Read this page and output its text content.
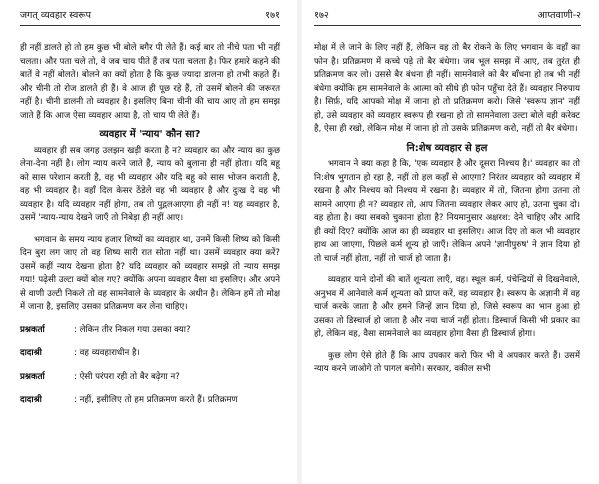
जगत् व्यवहार स्वरूप	१७१

ही नहीं डालते हो तो हम कुछ भी बोले बगैर पी लेते हैं। कई बार तो नीचे पता भी नहीं चलता। और पता चले तो, वे जब चाय पीते हैं तब पता चलता है। फिर हमारे कहने की बातें वे नहीं बोलते। बोलने का क्यों होता है कि कुछ ज्यादा डालना हो तभी कहते हैं। और चीनी तो रोज डालते ही हैं। वे आज ही पूछ रहे हैं, तो उसमें बोलने की जरूरत नहीं है। चीनी डालनी तो व्यवहार है। इसलिए बिना चीनी की चाय आए तो हम समझ जाते हैं कि आज ऐसा व्यवहार आया है, तो चाय पी लेते हैं।

व्यवहार में 'न्याय' कौन सा?

व्यवहार ही सब जगह उलझन खड़ी करता है न? व्यवहार का और न्याय का कुछ लेना-देना नहीं है। लोग न्याय करने जाते हैं, न्याय को बुलाना ही नहीं होता। यदि बहू को सास परेशान करती है, वह भी व्यवहार और यदि बहू को सास भोजन कराती है, वह भी व्यवहार है। वहाँ दिल केसर ठेंडेले वह भी व्यवहार है और दुःख दे वह भी व्यवहार है। यदि व्यवहार नहीं होगा, तब तो पुद्गलआएगा ही नहीं न! यह व्यवहार है, उसमें 'न्याय-न्याय देखने जाएँ तो निबेड़ा ही नहीं आए।

भगवान के समय न्याय हजार शिष्यों का व्यवहार था, उनमें किसी शिष्य को किसी दिन बुरा लग जाए तो वह शिष्य सारी रात सोता नहीं था। उसमें व्यवहार क्या करें? उसमें कहीं न्याय देखना होता है? यदि व्यवहार को व्यवहार समझे तो न्याय समझ गया! पढ़ेसी उल्टा क्यों बोल गए? क्योंकि अपना व्यवहार वैसा था इसलिए। और अपने से वाणी उल्टी निकले तो वह सामनेवाले के व्यवहार के अधीन है। लेकिन हमें तो मोक्ष में जाना है, इसलिए उसका प्रतिक्रमण कर लेना चाहिए।

प्रश्नकर्ता	: लेकिन तीर निकल गया उसका क्या?
दादाश्री	: वह व्यवहाराधीन है।
प्रश्नकर्ता	: ऐसी परंपरा रही तो बैर बढ़ेगा न?
दादाश्री	: नहीं, इसीलिए तो हम प्रतिक्रमण करते हैं। प्रतिक्रमण
१७२	आप्तवाणी-२

मोक्ष में ले जाने के लिए नहीं हैं, लेकिन वह तो बैर रोकने के लिए भगवान के वहाँ का फोन है। प्रतिक्रमण में कच्चे पड़े तो बैर बंधेगा। जब भूल समझ में आए, तब तुरंत ही प्रतिक्रमण कर लो। उससे बैर बंधना ही नहीं। सामनेवाले को बैर बाँधना हो तब भी नहीं बंधेगा क्योंकि हम सामनेवाले के आत्मा को सीधे ही फोन पहुँचा देते हैं। व्यवहार निरुपाय है। सिर्फ़, यदि आपको मोक्ष में जाना हो तो प्रतिक्रमण करो। जिसे 'स्वरूप ज्ञान' नहीं हो, उसे व्यवहार को व्यवहार स्वरूप ही रखना हो तो सामनेवाला उल्टा बोले वही करेक्ट है, ऐसा ही रखो, लेकिन मोक्ष में जाना हो तो उसके प्रतिक्रमण करो, नहीं तो बैर बंधेगा।

नि:शेष व्यवहार से हल

भगवान ने क्या कहा है कि, 'एक व्यवहार है और दूसरा निश्चय है।' व्यवहार का तो नि:शेष भुगतान हो रहा है, नहीं तो हल कहाँ से आएगा? निरंतर व्यवहार को व्यवहार में रखना है और निश्चय को निश्चय में रखना है। व्यवहार में तो, जितना होगा उतना तो सामने आएगा ही न? व्यवहार तो, आप जितना व्यवहार लेकर आए हो, उतना चुका दो। वह होता है। क्या सबको चुकाना होता है? नियमानुसार अक्षरश: देने चाहिए और आदि ही क्यों दिए? क्योंकि आज का ही व्यवहार था इसलिए। आज दिए तो कल भी व्यवहार हाथ आ जाएगा, पिछले कर्म शून्य हो जाएँ। लेकिन अपने 'ज्ञानीपुरुष' ने ज्ञान दिया हो तो चार्ज नहीं होता, नहीं तो चार्ज हो जाता है।

व्यवहार याने दोनों की बातें शून्यता लाएँ, वह। स्थूल कर्म, पंचेन्द्रियों से दिखनेवाले, अनुभव में आनेवाले कर्म शून्यता को प्राप्त करें, वह व्यवहार है। स्वरूप के अज्ञानी में वह चार्ज करके जाता है और हमने जिन्हें ज्ञान दिया हो, जिसे स्वरूप का भान हुआ हो उसका तो डिस्चार्ज हो जाता है और नया चार्ज नहीं होता। डिस्चार्ज किसी भी प्रकार का हो, लेकिन वह, वैसा सामनेवाले का व्यवहार होगा वैसा ही डिस्चार्ज होगा।

कुछ लोग ऐसे होते हैं कि आप उपकार करो फिर भी वे अपकार करते हैं। उसमें न्याय करने जाओगे तो पागल बनोगे। सरकार, वकील सभी
